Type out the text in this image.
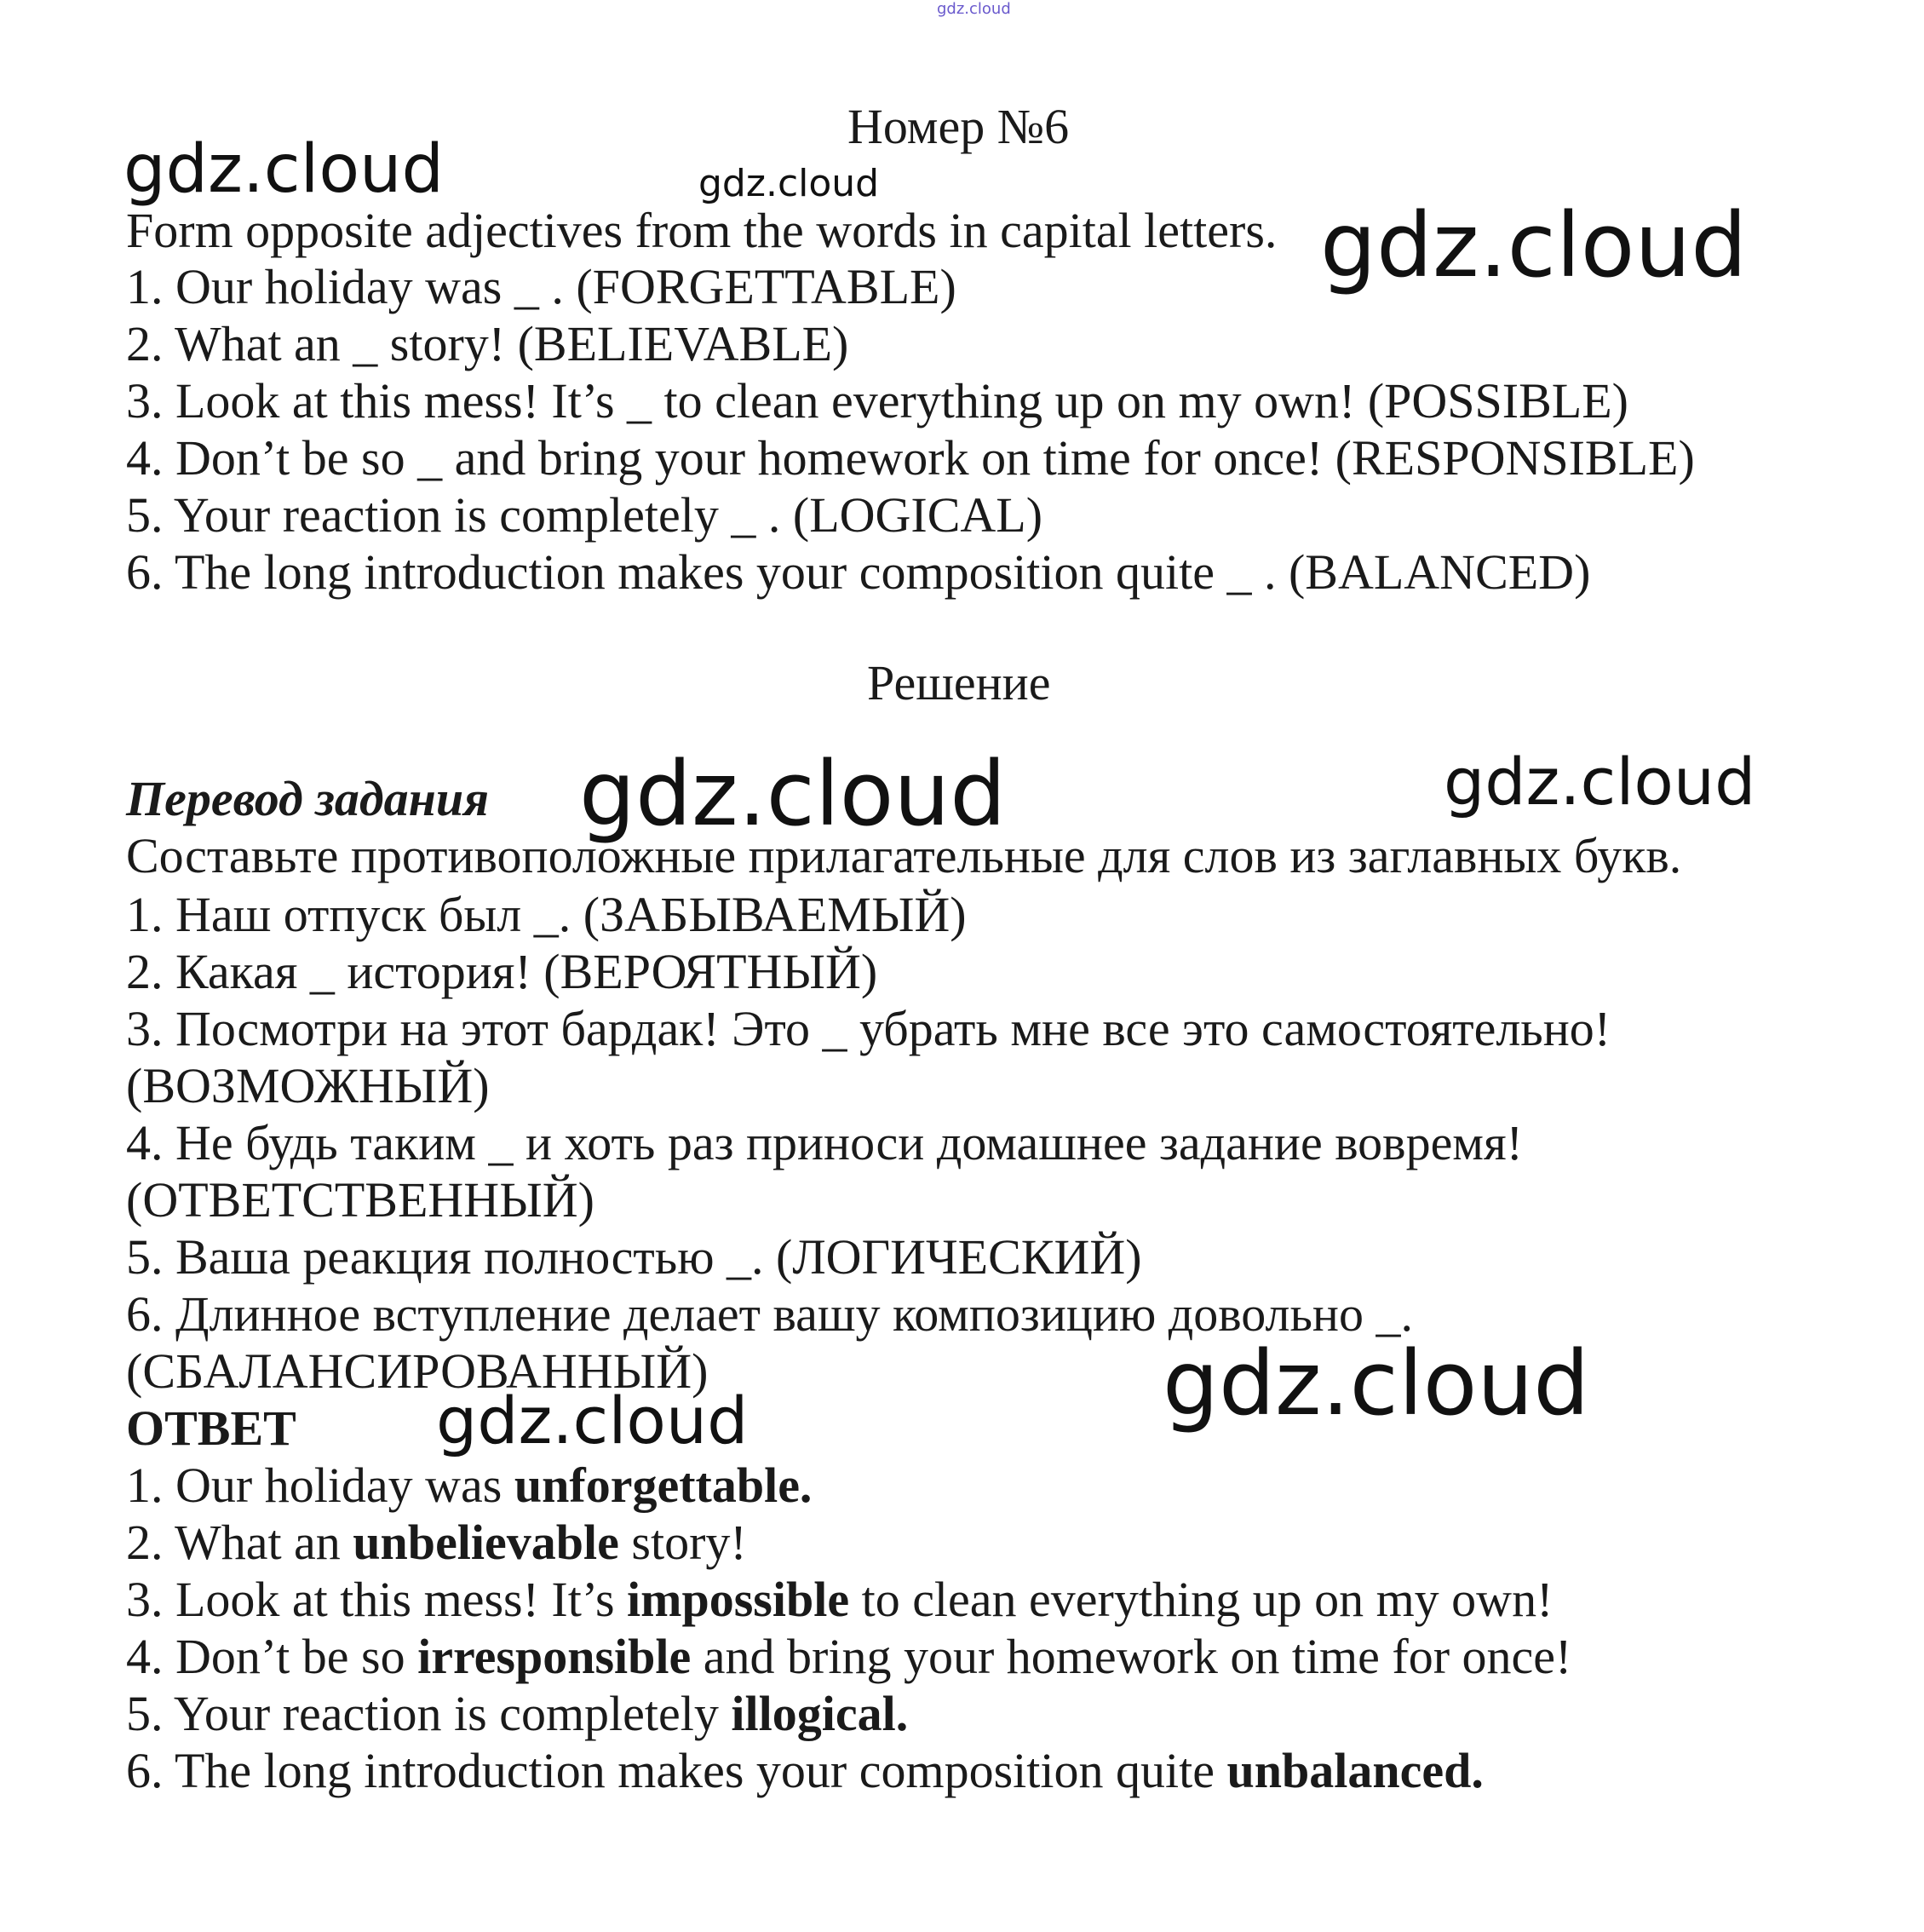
gdz.cloud
Номер №6
Form opposite adjectives from the words in capital letters.
1. Our holiday was _ . (FORGETTABLE)
2. What an _ story! (BELIEVABLE)
3. Look at this mess! It’s _ to clean everything up on my own! (POSSIBLE)
4. Don’t be so _ and bring your homework on time for once! (RESPONSIBLE)
5. Your reaction is completely _ . (LOGICAL)
6. The long introduction makes your composition quite _ . (BALANCED)
Решение
Перевод задания
Составьте противоположные прилагательные для слов из заглавных букв.
1. Наш отпуск был _. (ЗАБЫВАЕМЫЙ)
2. Какая _ история! (ВЕРОЯТНЫЙ)
3. Посмотри на этот бардак! Это _ убрать мне все это самостоятельно!
(ВОЗМОЖНЫЙ)
4. Не будь таким _ и хоть раз приноси домашнее задание вовремя!
(ОТВЕТСТВЕННЫЙ)
5. Ваша реакция полностью _. (ЛОГИЧЕСКИЙ)
6. Длинное вступление делает вашу композицию довольно _.
(СБАЛАНСИРОВАННЫЙ)
ОТВЕТ
1. Our holiday was unforgettable.
2. What an unbelievable story!
3. Look at this mess! It’s impossible to clean everything up on my own!
4. Don’t be so irresponsible and bring your homework on time for once!
5. Your reaction is completely illogical.
6. The long introduction makes your composition quite unbalanced.
gdz.cloud	gdz.cloud
gdz.cloud
gdz.cloud	gdz.cloud
gdz.cloud
gdz.cloud
